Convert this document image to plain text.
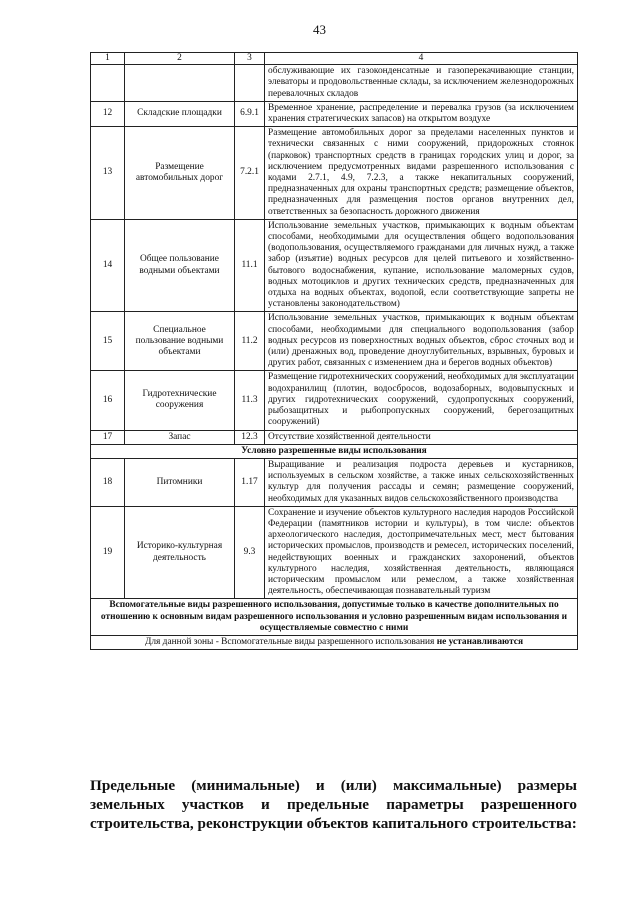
43
1	2	3	4
			обслуживающие их газоконденсатные и газоперекачивающие станции, элеваторы и продовольственные склады, за исключением железнодорожных перевалочных складов
12	Складские площадки	6.9.1	Временное хранение, распределение и перевалка грузов (за исключением хранения стратегических запасов) на открытом воздухе
13	Размещение автомобильных дорог	7.2.1	Размещение автомобильных дорог за пределами населенных пунктов и технически связанных с ними сооружений, придорожных стоянок (парковок) транспортных средств в границах городских улиц и дорог, за исключением предусмотренных видами разрешенного использования с кодами 2.7.1, 4.9, 7.2.3, а также некапитальных сооружений, предназначенных для охраны транспортных средств; размещение объектов, предназначенных для размещения постов органов внутренних дел, ответственных за безопасность дорожного движения
14	Общее пользование водными объектами	11.1	Использование земельных участков, примыкающих к водным объектам способами, необходимыми для осуществления общего водопользования (водопользования, осуществляемого гражданами для личных нужд, а также забор (изъятие) водных ресурсов для целей питьевого и хозяйственно-бытового водоснабжения, купание, использование маломерных судов, водных мотоциклов и других технических средств, предназначенных для отдыха на водных объектах, водопой, если соответствующие запреты не установлены законодательством)
15	Специальное пользование водными объектами	11.2	Использование земельных участков, примыкающих к водным объектам способами, необходимыми для специального водопользования (забор водных ресурсов из поверхностных водных объектов, сброс сточных вод и (или) дренажных вод, проведение дноуглубительных, взрывных, буровых и других работ, связанных с изменением дна и берегов водных объектов)
16	Гидротехнические сооружения	11.3	Размещение гидротехнических сооружений, необходимых для эксплуатации водохранилищ (плотин, водосбросов, водозаборных, водовыпускных и других гидротехнических сооружений, судопропускных сооружений, рыбозащитных и рыбопропускных сооружений, берегозащитных сооружений)
17	Запас	12.3	Отсутствие хозяйственной деятельности
Условно разрешенные виды использования			
18	Питомники	1.17	Выращивание и реализация подроста деревьев и кустарников, используемых в сельском хозяйстве, а также иных сельскохозяйственных культур для получения рассады и семян; размещение сооружений, необходимых для указанных видов сельскохозяйственного производства
19	Историко-культурная деятельность	9.3	Сохранение и изучение объектов культурного наследия народов Российской Федерации (памятников истории и культуры), в том числе: объектов археологического наследия, достопримечательных мест, мест бытования исторических промыслов, производств и ремесел, исторических поселений, недействующих военных и гражданских захоронений, объектов культурного наследия, хозяйственная деятельность, являющаяся историческим промыслом или ремеслом, а также хозяйственная деятельность, обеспечивающая познавательный туризм
Вспомогательные виды разрешенного использования, допустимые только в качестве дополнительных по отношению к основным видам разрешенного использования и условно разрешенным видам использования и осуществляемые совместно с ними			
Для данной зоны - Вспомогательные виды разрешенного использования не устанавливаются			
Предельные (минимальные) и (или) максимальные) размеры земельных участков и предельные параметры разрешенного строительства, реконструкции объектов капитального строительства:
